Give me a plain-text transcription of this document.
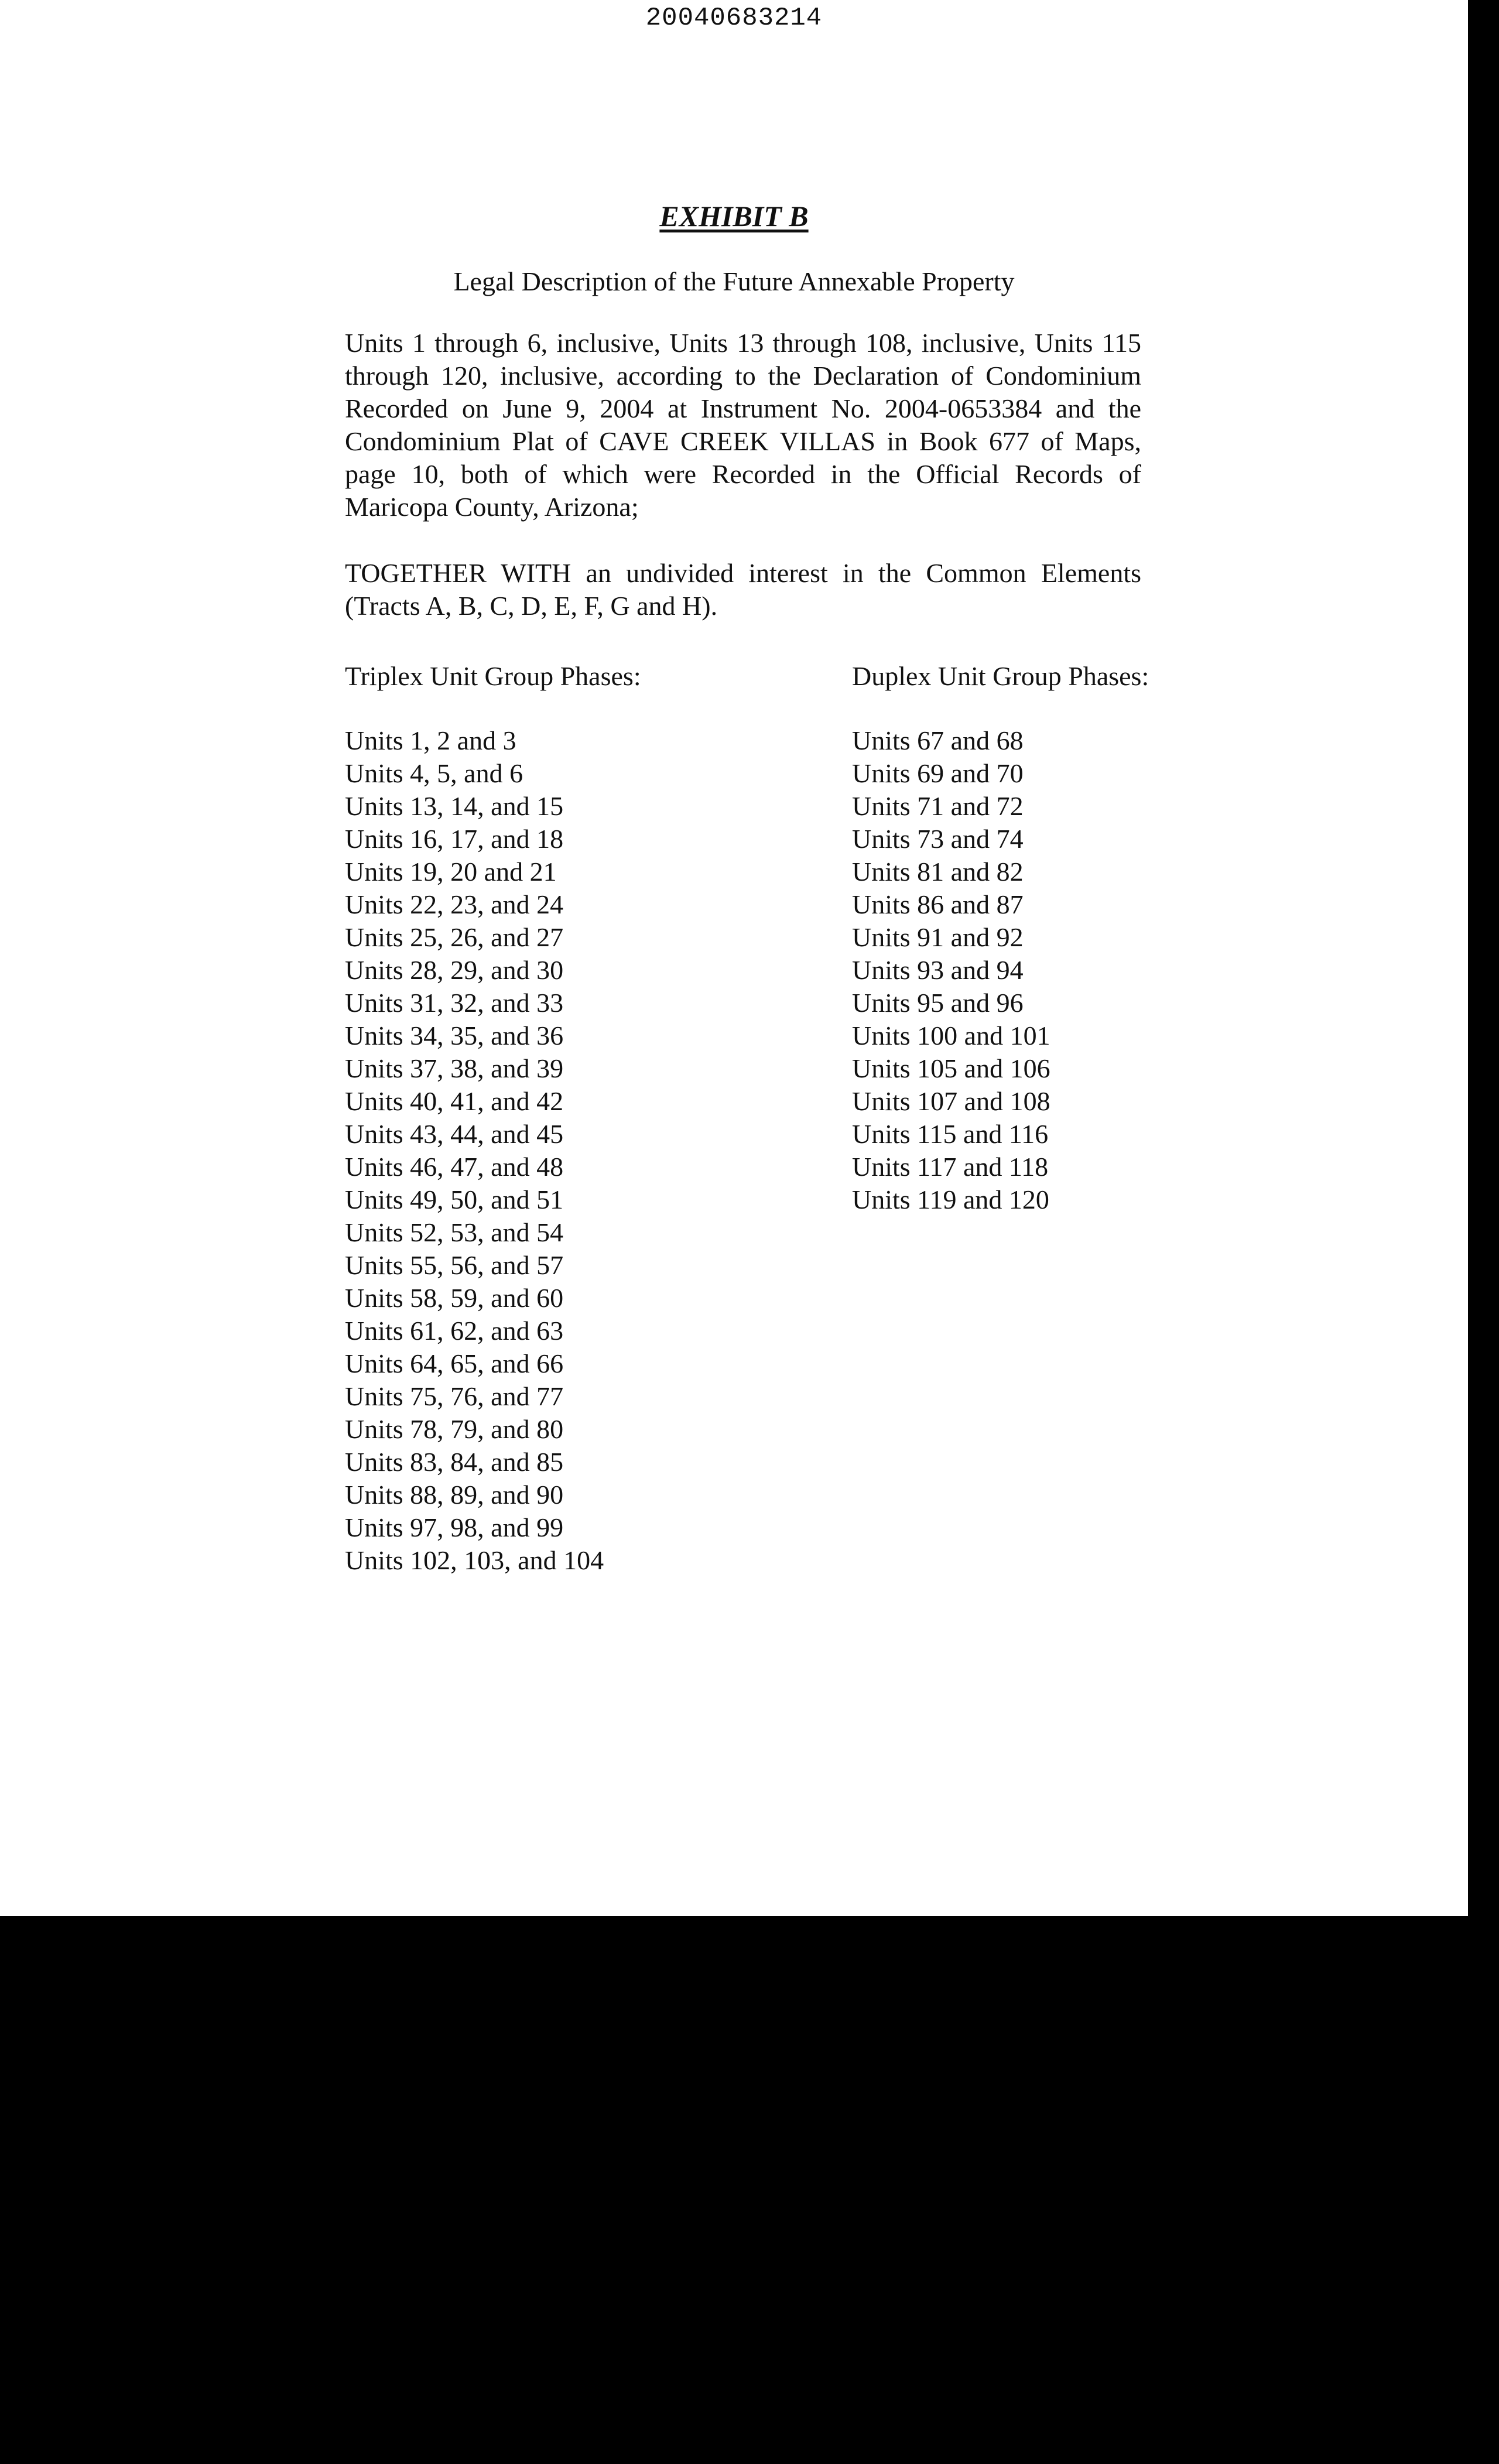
20040683214
EXHIBIT B
Legal Description of the Future Annexable Property

Units 1 through 6, inclusive, Units 13 through 108, inclusive, Units 115 through 120, inclusive, according to the Declaration of Condominium Recorded on June 9, 2004 at Instrument No. 2004-0653384 and the Condominium Plat of CAVE CREEK VILLAS in Book 677 of Maps, page 10, both of which were Recorded in the Official Records of Maricopa County, Arizona;

TOGETHER WITH an undivided interest in the Common Elements (Tracts A, B, C, D, E, F, G and H).

Triplex Unit Group Phases:	Duplex Unit Group Phases:
Units 1, 2 and 3
Units 4, 5, and 6
Units 13, 14, and 15
Units 16, 17, and 18
Units 19, 20 and 21
Units 22, 23, and 24
Units 25, 26, and 27
Units 28, 29, and 30
Units 31, 32, and 33
Units 34, 35, and 36
Units 37, 38, and 39
Units 40, 41, and 42
Units 43, 44, and 45
Units 46, 47, and 48
Units 49, 50, and 51
Units 52, 53, and 54
Units 55, 56, and 57
Units 58, 59, and 60
Units 61, 62, and 63
Units 64, 65, and 66
Units 75, 76, and 77
Units 78, 79, and 80
Units 83, 84, and 85
Units 88, 89, and 90
Units 97, 98, and 99
Units 102, 103, and 104
Units 67 and 68
Units 69 and 70
Units 71 and 72
Units 73 and 74
Units 81 and 82
Units 86 and 87
Units 91 and 92
Units 93 and 94
Units 95 and 96
Units 100 and 101
Units 105 and 106
Units 107 and 108
Units 115 and 116
Units 117 and 118
Units 119 and 120
